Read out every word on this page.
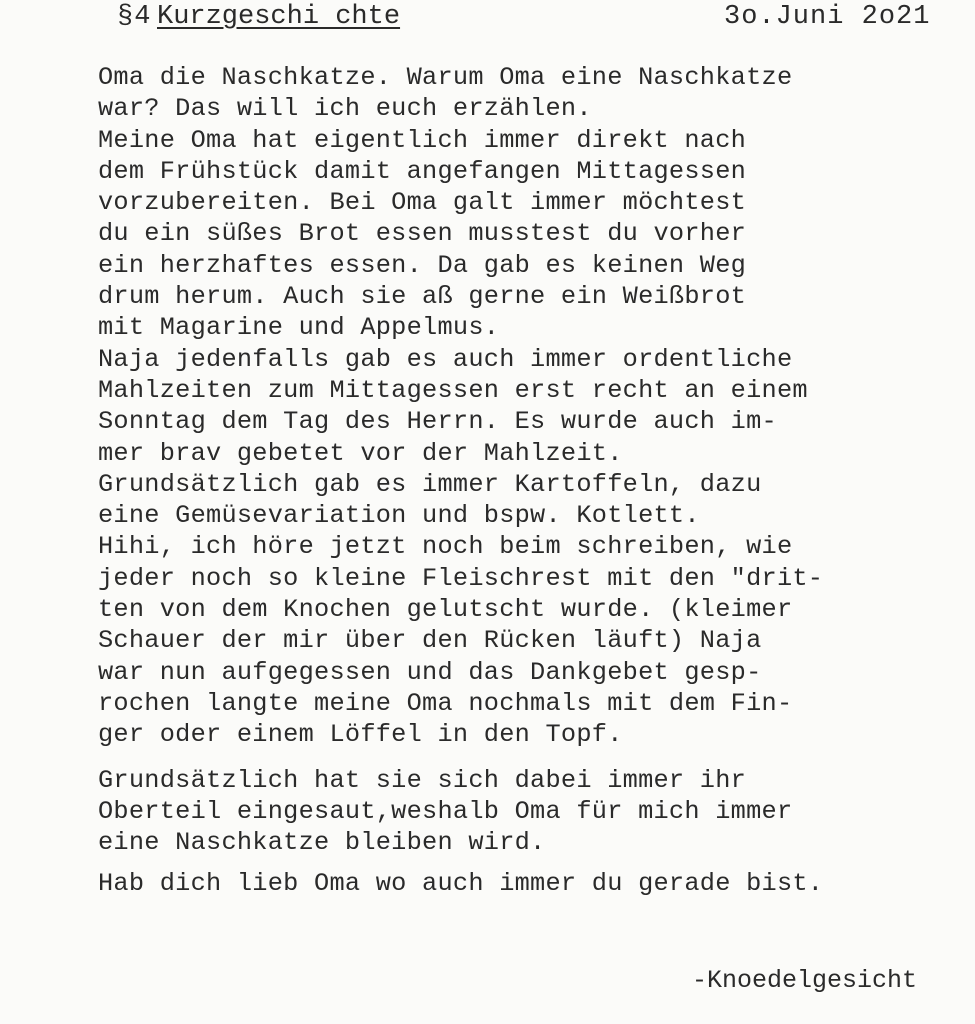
§4 Kurzgeschi chte	3o.Juni 2o21
Oma die Naschkatze. Warum Oma eine Naschkatze
war? Das will ich euch erzählen.
Meine Oma hat eigentlich immer direkt nach
dem Frühstück damit angefangen Mittagessen
vorzubereiten. Bei Oma galt immer möchtest
du ein süßes Brot essen musstest du vorher
ein herzhaftes essen. Da gab es keinen Weg
drum herum. Auch sie aß gerne ein Weißbrot
mit Magarine und Appelmus.
Naja jedenfalls gab es auch immer ordentliche
Mahlzeiten zum Mittagessen erst recht an einem
Sonntag dem Tag des Herrn. Es wurde auch im-
mer brav gebetet vor der Mahlzeit.
Grundsätzlich gab es immer Kartoffeln, dazu
eine Gemüsevariation und bspw. Kotlett.
Hihi, ich höre jetzt noch beim schreiben, wie
jeder noch so kleine Fleischrest mit den "drit-
ten von dem Knochen gelutscht wurde. (kleimer
Schauer der mir über den Rücken läuft) Naja
war nun aufgegessen und das Dankgebet gesp-
rochen langte meine Oma nochmals mit dem Fin-
ger oder einem Löffel in den Topf.
Grundsätzlich hat sie sich dabei immer ihr
Oberteil eingesaut,weshalb Oma für mich immer
eine Naschkatze bleiben wird.
Hab dich lieb Oma wo auch immer du gerade bist.
-Knoedelgesicht
